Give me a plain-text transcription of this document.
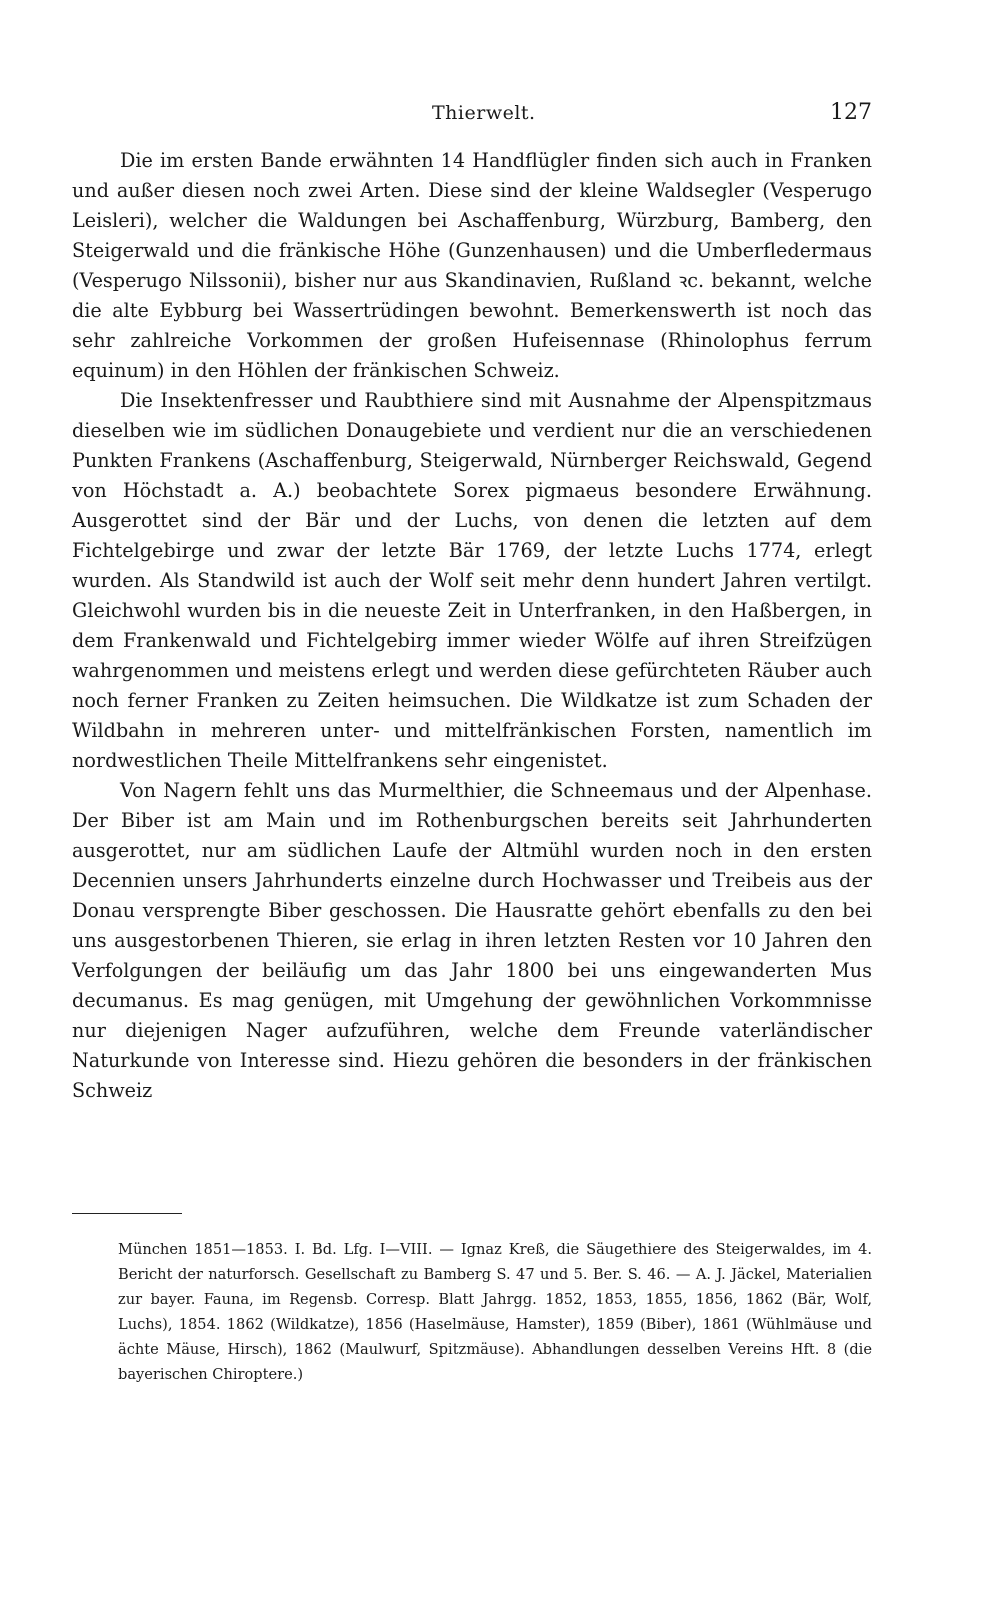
Thierwelt.	127

Die im ersten Bande erwähnten 14 Handflügler finden sich auch in Franken und außer diesen noch zwei Arten. Diese sind der kleine Waldsegler (Vesperugo Leisleri), welcher die Waldungen bei Aschaffenburg, Würzburg, Bamberg, den Steigerwald und die fränkische Höhe (Gunzenhausen) und die Umberfledermaus (Vesperugo Nilssonii), bisher nur aus Skandinavien, Rußland ꝛc. bekannt, welche die alte Eybburg bei Wassertrüdingen bewohnt. Bemerkenswerth ist noch das sehr zahlreiche Vorkommen der großen Hufeisennase (Rhinolophus ferrum equinum) in den Höhlen der fränkischen Schweiz.

Die Insektenfresser und Raubthiere sind mit Ausnahme der Alpenspitzmaus dieselben wie im südlichen Donaugebiete und verdient nur die an verschiedenen Punkten Frankens (Aschaffenburg, Steigerwald, Nürnberger Reichswald, Gegend von Höchstadt a. A.) beobachtete Sorex pigmaeus besondere Erwähnung. Ausgerottet sind der Bär und der Luchs, von denen die letzten auf dem Fichtelgebirge und zwar der letzte Bär 1769, der letzte Luchs 1774, erlegt wurden. Als Standwild ist auch der Wolf seit mehr denn hundert Jahren vertilgt. Gleichwohl wurden bis in die neueste Zeit in Unterfranken, in den Haßbergen, in dem Frankenwald und Fichtelgebirg immer wieder Wölfe auf ihren Streifzügen wahrgenommen und meistens erlegt und werden diese gefürchteten Räuber auch noch ferner Franken zu Zeiten heimsuchen. Die Wildkatze ist zum Schaden der Wildbahn in mehreren unter- und mittelfränkischen Forsten, namentlich im nordwestlichen Theile Mittelfrankens sehr eingenistet.

Von Nagern fehlt uns das Murmelthier, die Schneemaus und der Alpenhase. Der Biber ist am Main und im Rothenburgschen bereits seit Jahrhunderten ausgerottet, nur am südlichen Laufe der Altmühl wurden noch in den ersten Decennien unsers Jahrhunderts einzelne durch Hochwasser und Treibeis aus der Donau versprengte Biber geschossen. Die Hausratte gehört ebenfalls zu den bei uns ausgestorbenen Thieren, sie erlag in ihren letzten Resten vor 10 Jahren den Verfolgungen der beiläufig um das Jahr 1800 bei uns eingewanderten Mus decumanus. Es mag genügen, mit Umgehung der gewöhnlichen Vorkommnisse nur diejenigen Nager aufzuführen, welche dem Freunde vaterländischer Naturkunde von Interesse sind. Hiezu gehören die besonders in der fränkischen Schweiz

München 1851—1853. I. Bd. Lfg. I—VIII. — Ignaz Kreß, die Säugethiere des Steigerwaldes, im 4. Bericht der naturforsch. Gesellschaft zu Bamberg S. 47 und 5. Ber. S. 46. — A. J. Jäckel, Materialien zur bayer. Fauna, im Regensb. Corresp. Blatt Jahrgg. 1852, 1853, 1855, 1856, 1862 (Bär, Wolf, Luchs), 1854. 1862 (Wildkatze), 1856 (Haselmäuse, Hamster), 1859 (Biber), 1861 (Wühlmäuse und ächte Mäuse, Hirsch), 1862 (Maulwurf, Spitzmäuse). Abhandlungen desselben Vereins Hft. 8 (die bayerischen Chiroptere.)
